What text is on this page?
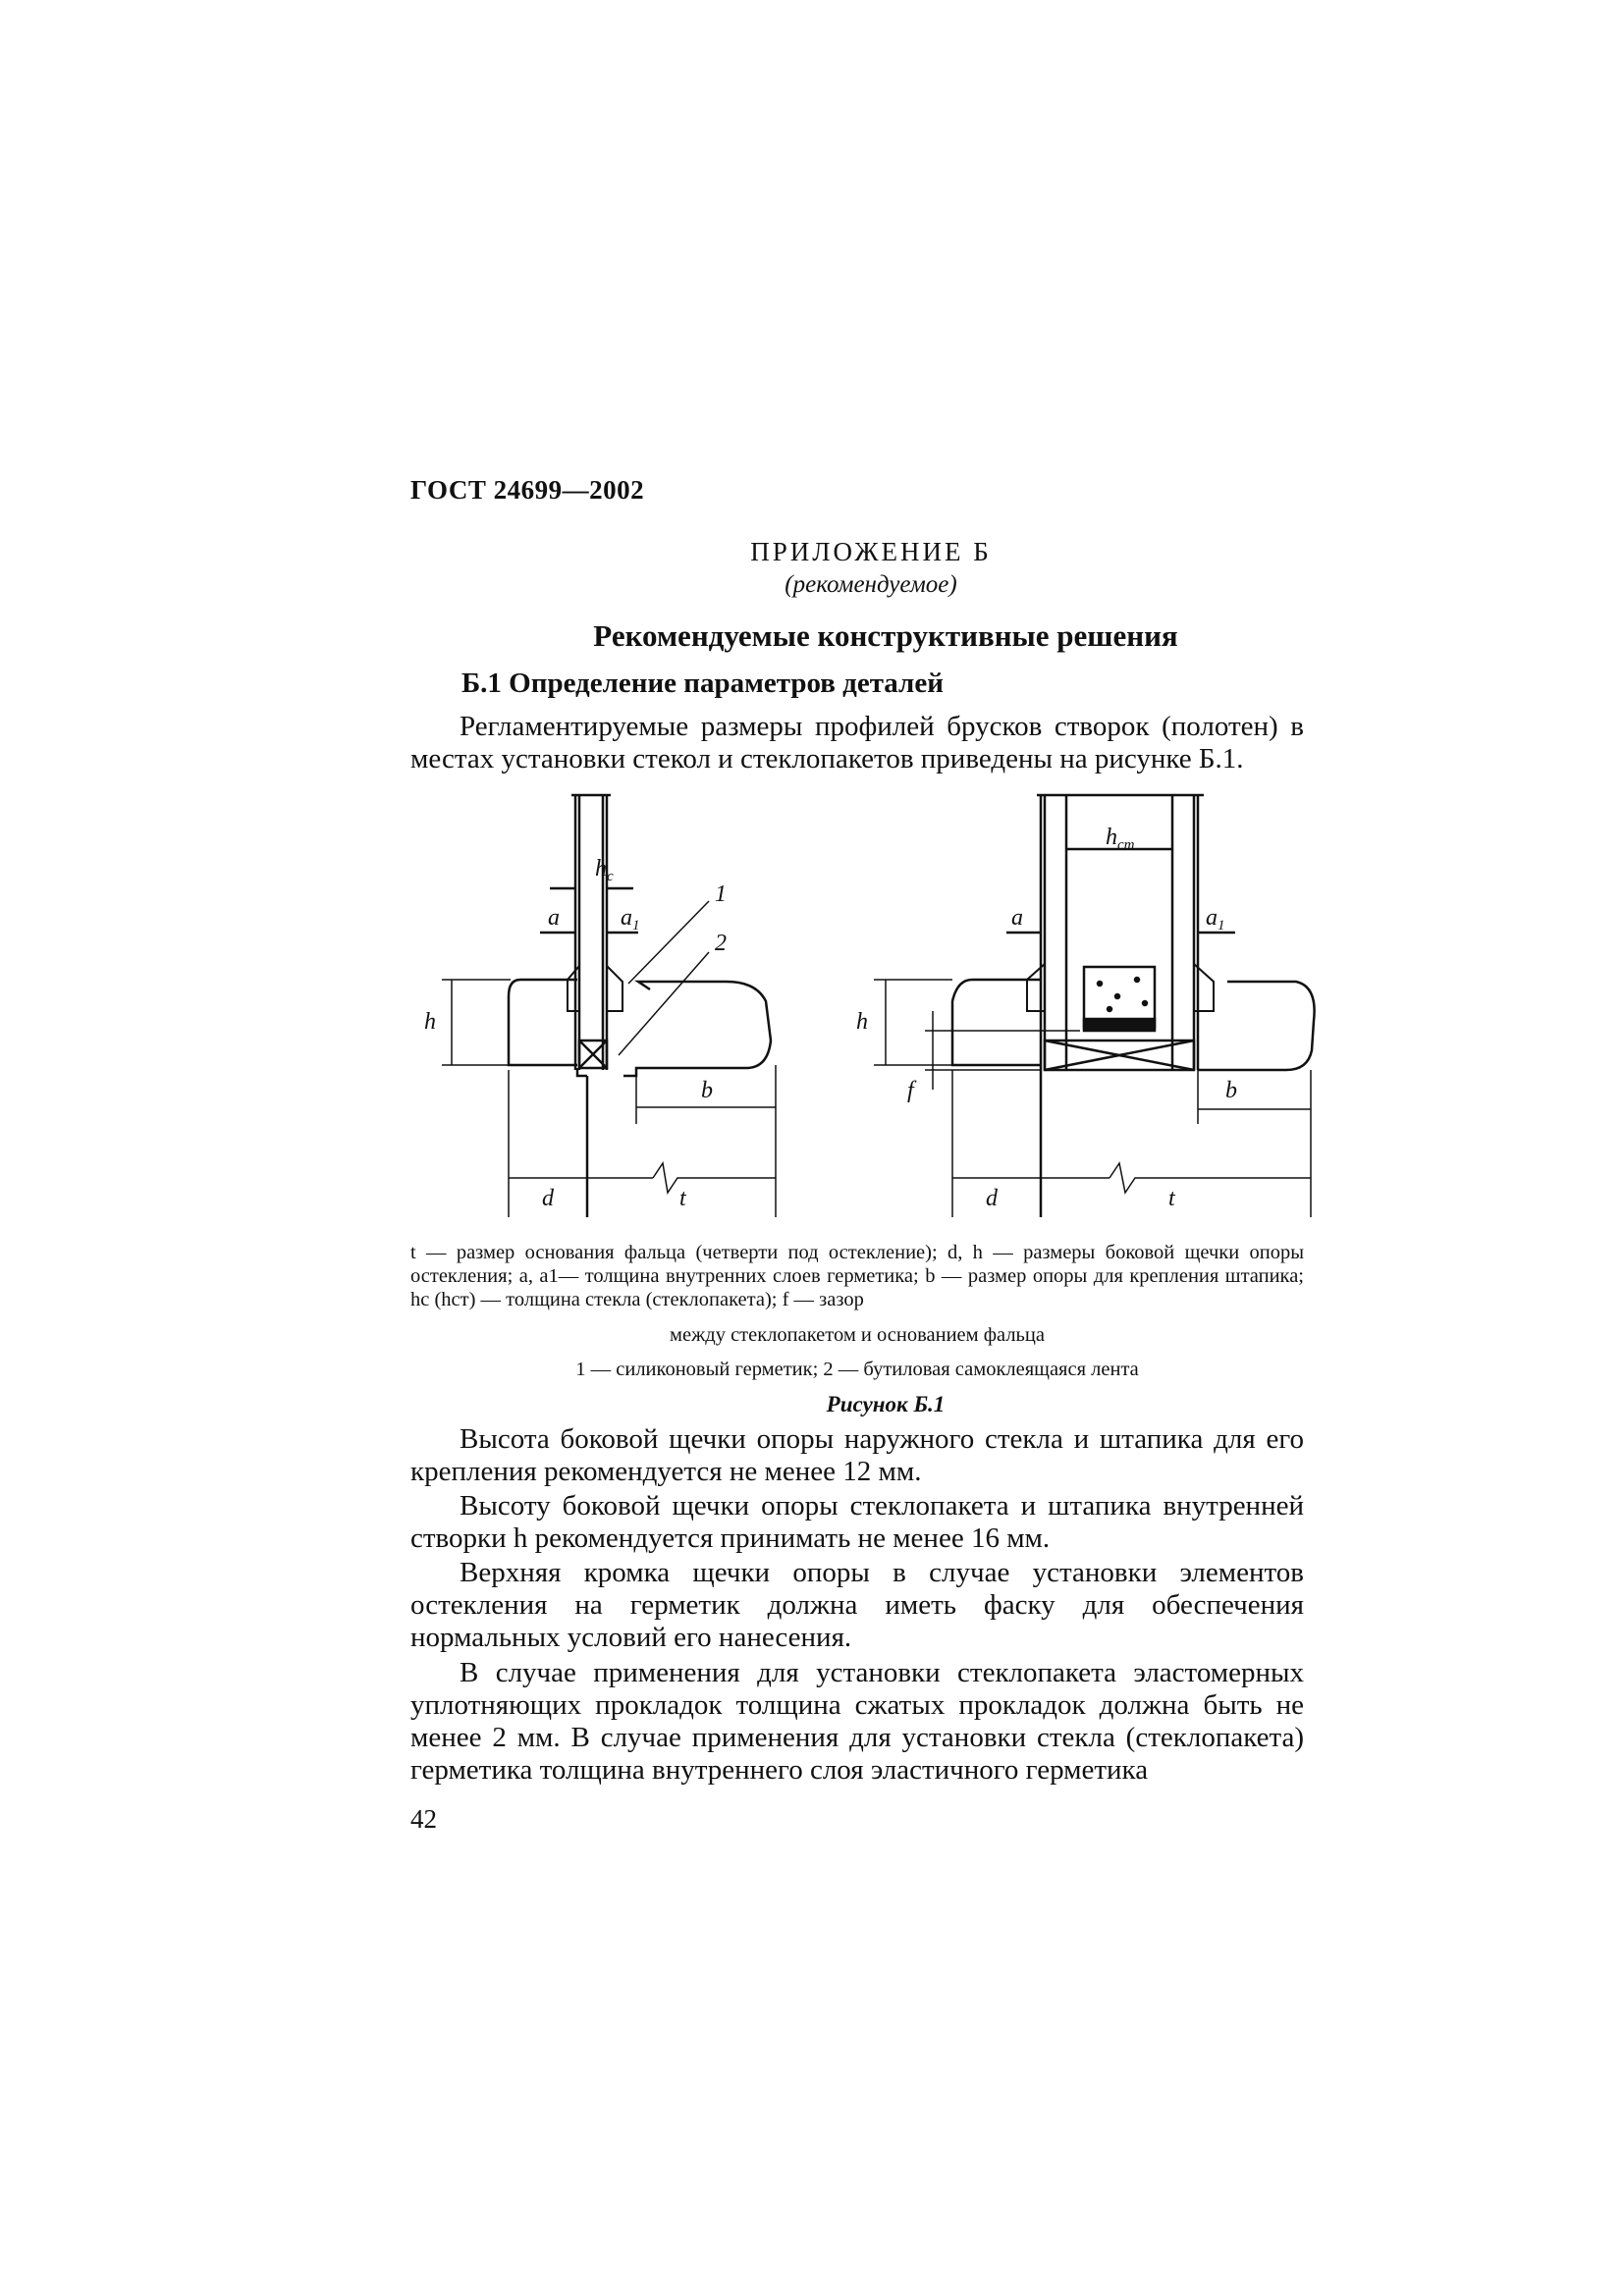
ГОСТ 24699—2002
ПРИЛОЖЕНИЕ Б
(рекомендуемое)
Рекомендуемые конструктивные решения
Б.1 Определение параметров деталей
Регламентируемые размеры профилей брусков створок (полотен) в местах установки стекол и стеклопакетов приведены на рисунке Б.1.
$h_c$
a	$a_1$
1
2
h
b
d	t
$h_{ст}$
a	$a_1$
h
f	b
d	t
t — размер основания фальца (четверти под остекление); d, h — размеры боковой щечки опоры остекления; a, a1— толщина внутренних слоев герметика; b — размер опоры для крепления штапика; hc (hст) — толщина стекла (стеклопакета); f — зазор
между стеклопакетом и основанием фальца
1 — силиконовый герметик; 2 — бутиловая самоклеящаяся лента
Рисунок Б.1
Высота боковой щечки опоры наружного стекла и штапика для его крепления рекомендуется не менее 12 мм.
Высоту боковой щечки опоры стеклопакета и штапика внутренней створки h рекомендуется принимать не менее 16 мм.
Верхняя кромка щечки опоры в случае установки элементов остекления на герметик должна иметь фаску для обеспечения нормальных условий его нанесения.
В случае применения для установки стеклопакета эластомерных уплотняющих прокладок толщина сжатых прокладок должна быть не менее 2 мм. В случае применения для установки стекла (стеклопакета) герметика толщина внутреннего слоя эластичного герметика
42
